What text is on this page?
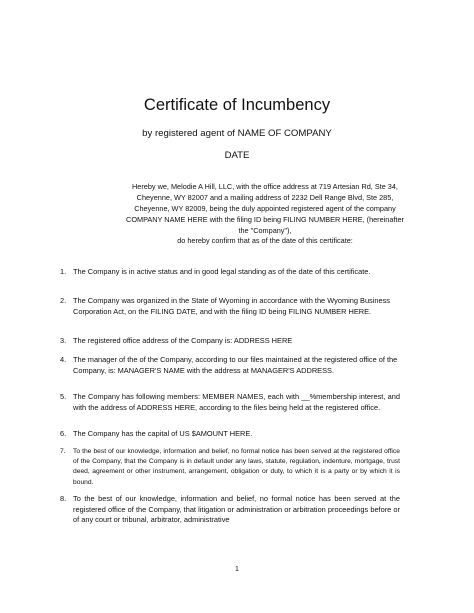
Certificate of Incumbency
by registered agent of NAME OF COMPANY
DATE
Hereby we, Melodie A Hill, LLC, with the office address at 719 Artesian Rd, Ste 34, Cheyenne, WY 82007 and a mailing address of 2232 Dell Range Blvd, Ste 285, Cheyenne, WY 82009, being the duly appointed registered agent of the company COMPANY NAME HERE with the filing ID being FILING NUMBER HERE, (hereinafter the "Company"),
do hereby confirm that as of the date of this certificate:
1. The Company is in active status and in good legal standing as of the date of this certificate.
2. The Company was organized in the State of Wyoming in accordance with the Wyoming Business Corporation Act, on the FILING DATE, and with the filing ID being FILING NUMBER HERE.
3. The registered office address of the Company is: ADDRESS HERE
4. The manager of the of the Company, according to our files maintained at the registered office of the Company, is: MANAGER'S NAME with the address at MANAGER'S ADDRESS.
5. The Company has following members: MEMBER NAMES, each with __%membership interest, and with the address of ADDRESS HERE, according to the files being held at the registered office.
6. The Company has the capital of US $AMOUNT HERE.
7.	To the best of our knowledge, information and belief, no formal notice has been served at the registered office of the Company, that the Company is in default under any laws, statute, regulation, indenture, mortgage, trust deed, agreement or other instrument, arrangement, obligation or duty, to which it is a party or by which it is bound.
8. To the best of our knowledge, information and belief, no formal notice has been served at the registered office of the Company, that litigation or administration or arbitration proceedings before or of any court or tribunal, arbitrator, administrative
1
